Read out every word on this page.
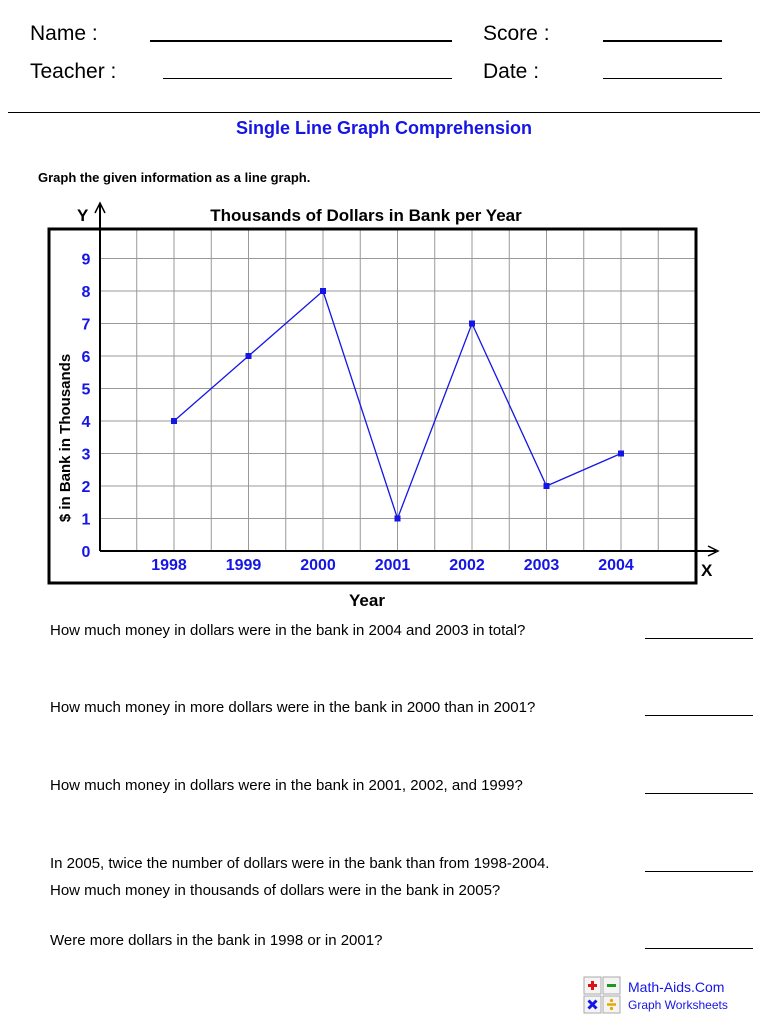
Name :	Score :
Teacher :	Date :
Single Line Graph Comprehension
Graph the given information as a line graph.
Y
X
Thousands of Dollars in Bank per Year
0
1
2
3
4
5
6
7
8
9
1998 1999 2000 2001 2002 2003 2004
$ in Bank in Thousands
Year
How much money in dollars were in the bank in 2004 and 2003 in total?
How much money in more dollars were in the bank in 2000 than in 2001?
How much money in dollars were in the bank in 2001, 2002, and 1999?
In 2005, twice the number of dollars were in the bank than from 1998-2004.
How much money in thousands of dollars were in the bank in 2005?
Were more dollars in the bank in 1998 or in 2001?
Math-Aids.Com
Graph Worksheets
